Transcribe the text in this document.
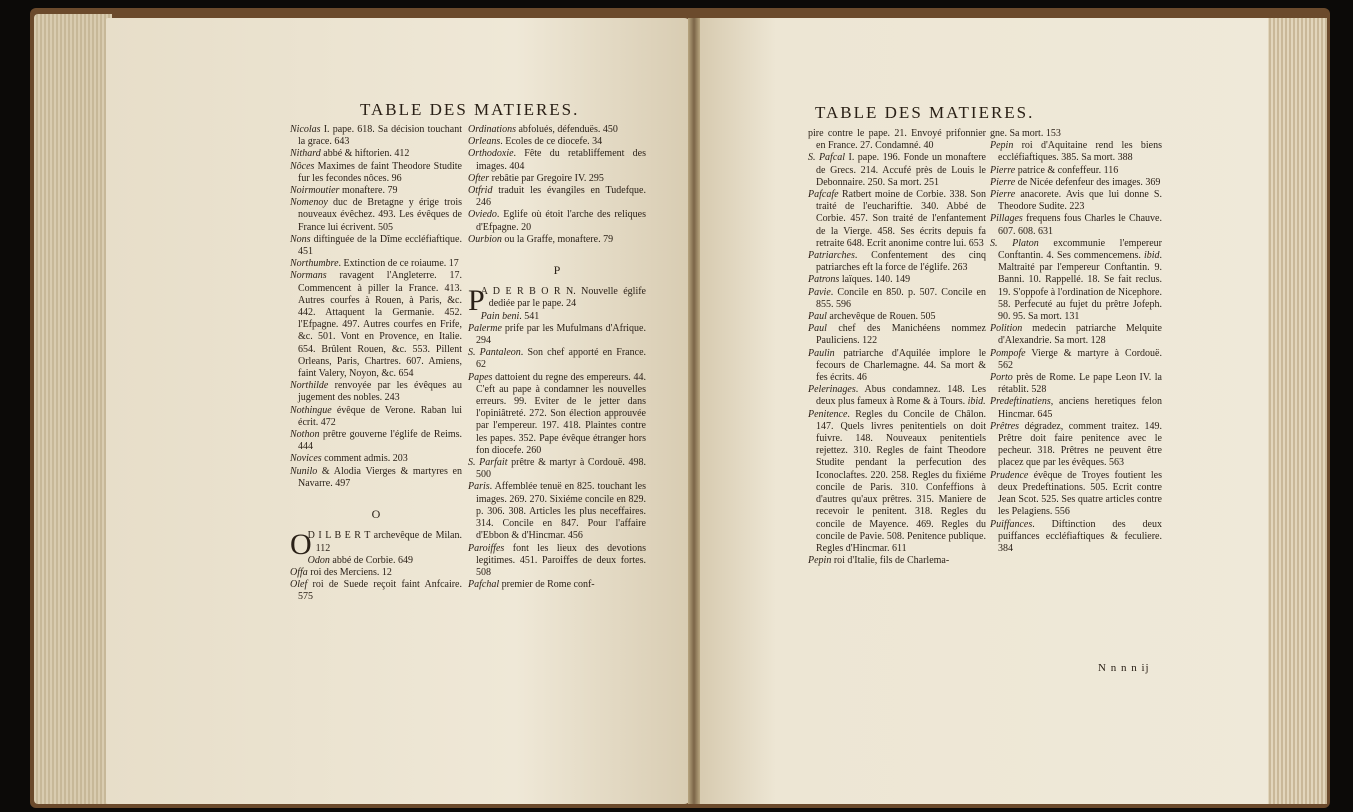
TABLE DES MATIERES.
Nicolas I. pape. 618. Sa décision touchant la grace. 643
Nithard abbé & hiftorien. 412
Nôces Maximes de faint Theodore Studite fur les fecondes nôces. 96
Noirmoutier monaftere. 79
Nomenoy duc de Bretagne y érige trois nouveaux évêchez. 493. Les évêques de France lui écrivent. 505
Nons diftinguée de la Dîme eccléfiaftique. 451
Northumbre. Extinction de ce roiaume. 17
Normans ravagent l'Angleterre. 17. Commencent à piller la France. 413. Autres courfes à Rouen, à Paris, &c. 442. Attaquent la Germanie. 452. l'Efpagne. 497. Autres courfes en Frife, &c. 501. Vont en Provence, en Italie. 654. Brûlent Rouen, &c. 553. Pillent Orleans, Paris, Chartres. 607. Amiens, faint Valery, Noyon, &c. 654
Northilde renvoyée par les évêques au jugement des nobles. 243
Nothingue évêque de Verone. Raban lui écrit. 472
Nothon prêtre gouverne l'églife de Reims. 444
Novices comment admis. 203
Nunilo & Alodia Vierges & martyres en Navarre. 497
O
O
D I L B E R T archevêque de Milan. 112
Odon abbé de Corbie. 649
Offa roi des Merciens. 12
Olef roi de Suede reçoit faint Anfcaire. 575
Ordinations abfolués, défenduës. 450
Orleans. Ecoles de ce diocefe. 34
Orthodoxie. Fête du retabliffement des images. 404
Ofter rebâtie par Gregoire IV. 295
Otfrid traduit les évangiles en Tudefque. 246
Oviedo. Eglife où étoit l'arche des reliques d'Efpagne. 20
Ourbion ou la Graffe, monaftere. 79
P
P
A D E R B O R N. Nouvelle églife dediée par le pape. 24
Pain beni. 541
Palerme prife par les Mufulmans d'Afrique. 294
S. Pantaleon. Son chef apporté en France. 62
Papes dattoient du regne des empereurs. 44. C'eft au pape à condamner les nouvelles erreurs. 99. Eviter de le jetter dans l'opiniâtreté. 272. Son élection approuvée par l'empereur. 197. 418. Plaintes contre les papes. 352. Pape évêque étranger hors fon diocefe. 260
S. Parfait prêtre & martyr à Cordouë. 498. 500
Paris. Affemblée tenuë en 825. touchant les images. 269. 270. Sixiéme concile en 829. p. 306. 308. Articles les plus neceffaires. 314. Concile en 847. Pour l'affaire d'Ebbon & d'Hincmar. 456
Paroiffes font les lieux des devotions legitimes. 451. Paroiffes de deux fortes. 508
Pafchal premier de Rome conf-
TABLE DES MATIERES.
pire contre le pape. 21. Envoyé prifonnier en France. 27. Condamné. 40
S. Pafcal I. pape. 196. Fonde un monaftere de Grecs. 214. Accufé près de Louis le Debonnaire. 250. Sa mort. 251
Pafcafe Ratbert moine de Corbie. 338. Son traité de l'euchariftie. 340. Abbé de Corbie. 457. Son traité de l'enfantement de la Vierge. 458. Ses écrits depuis fa retraite 648. Ecrit anonime contre lui. 653
Patriarches. Confentement des cinq patriarches eft la force de l'églife. 263
Patrons laïques. 140. 149
Pavie. Concile en 850. p. 507. Concile en 855. 596
Paul archevêque de Rouen. 505
Paul chef des Manichéens nommez Pauliciens. 122
Paulin patriarche d'Aquilée implore le fecours de Charlemagne. 44. Sa mort & fes écrits. 46
Pelerinages. Abus condamnez. 148. Les deux plus fameux à Rome & à Tours. ibid.
Penitence. Regles du Concile de Châlon. 147. Quels livres penitentiels on doit fuivre. 148. Nouveaux penitentiels rejettez. 310. Regles de faint Theodore Studite pendant la perfecution des Iconoclaftes. 220. 258. Regles du fixiéme concile de Paris. 310. Confeffions à d'autres qu'aux prêtres. 315. Maniere de recevoir le penitent. 318. Regles du concile de Mayence. 469. Regles du concile de Pavie. 508. Penitence publique. Regles d'Hincmar. 611
Pepin roi d'Italie, fils de Charlema-
gne. Sa mort. 153
Pepin roi d'Aquitaine rend les biens eccléfiaftiques. 385. Sa mort. 388
Pierre patrice & confeffeur. 116
Pierre de Nicée defenfeur des images. 369
Pierre anacorete. Avis que lui donne S. Theodore Sudite. 223
Pillages frequens fous Charles le Chauve. 607. 608. 631
S. Platon excommunie l'empereur Conftantin. 4. Ses commencemens. ibid. Maltraité par l'empereur Conftantin. 9. Banni. 10. Rappellé. 18. Se fait reclus. 19. S'oppofe à l'ordination de Nicephore. 58. Perfecuté au fujet du prêtre Jofeph. 90. 95. Sa mort. 131
Polition medecin patriarche Melquite d'Alexandrie. Sa mort. 128
Pompofe Vierge & martyre à Cordouë. 562
Porto près de Rome. Le pape Leon IV. la rétablit. 528
Predeftinatiens, anciens heretiques felon Hincmar. 645
Prêtres dégradez, comment traitez. 149. Prêtre doit faire penitence avec le pecheur. 318. Prêtres ne peuvent être placez que par les évêques. 563
Prudence évêque de Troyes foutient les deux Predeftinations. 505. Ecrit contre Jean Scot. 525. Ses quatre articles contre les Pelagiens. 556
Puiffances. Diftinction des deux puiffances eccléfiaftiques & feculiere. 384
N n n n ij
